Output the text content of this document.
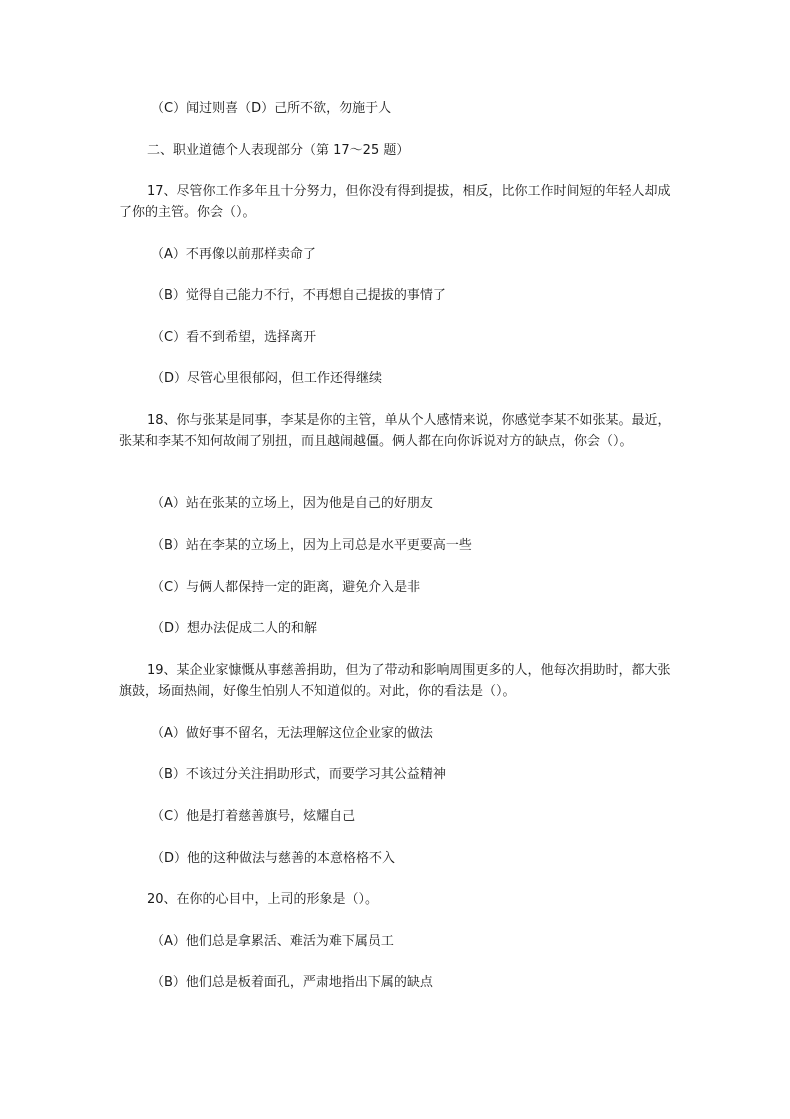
（C）闻过则喜（D）己所不欲，勿施于人
二、职业道德个人表现部分（第 17～25 题）
17、尽管你工作多年且十分努力，但你没有得到提拔，相反，比你工作时间短的年轻人却成了你的主管。你会（）。
（A）不再像以前那样卖命了
（B）觉得自己能力不行，不再想自己提拔的事情了
（C）看不到希望，选择离开
（D）尽管心里很郁闷，但工作还得继续
18、你与张某是同事，李某是你的主管，单从个人感情来说，你感觉李某不如张某。最近，张某和李某不知何故闹了别扭，而且越闹越僵。俩人都在向你诉说对方的缺点，你会（）。
（A）站在张某的立场上，因为他是自己的好朋友
（B）站在李某的立场上，因为上司总是水平更要高一些
（C）与俩人都保持一定的距离，避免介入是非
（D）想办法促成二人的和解
19、某企业家慷慨从事慈善捐助，但为了带动和影响周围更多的人，他每次捐助时，都大张旗鼓，场面热闹，好像生怕别人不知道似的。对此，你的看法是（）。
（A）做好事不留名，无法理解这位企业家的做法
（B）不该过分关注捐助形式，而要学习其公益精神
（C）他是打着慈善旗号，炫耀自己
（D）他的这种做法与慈善的本意格格不入
20、在你的心目中，上司的形象是（）。
（A）他们总是拿累活、难活为难下属员工
（B）他们总是板着面孔，严肃地指出下属的缺点
